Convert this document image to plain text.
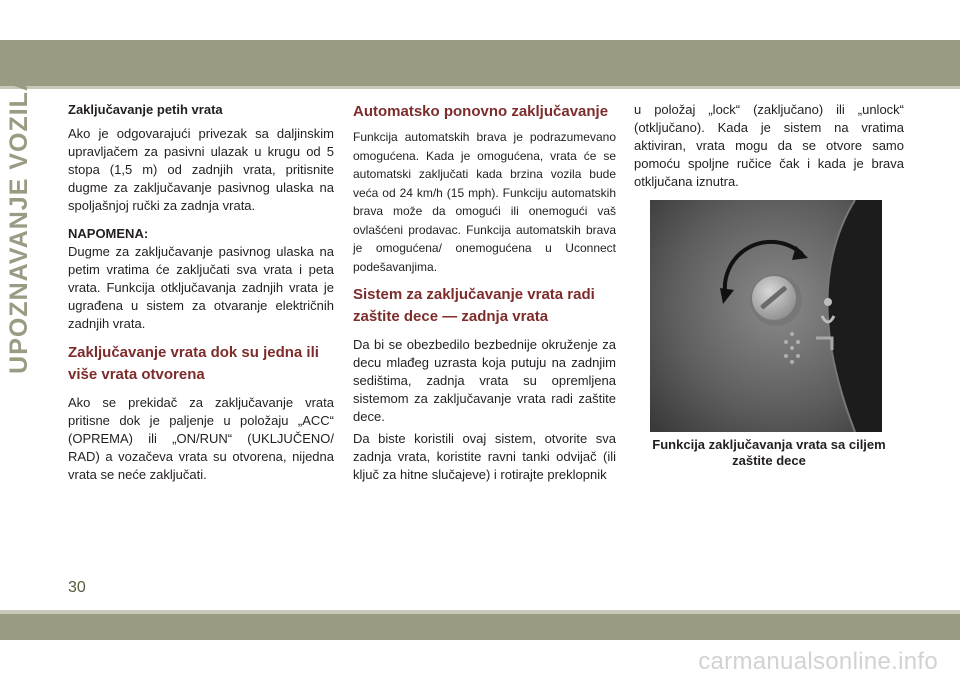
UPOZNAVANJE VOZILA	Zaključavanje petih vrata

Ako je odgovarajući privezak sa daljinskim upravljačem za pasivni ulazak u krugu od 5 stopa (1,5 m) od zadnjih vrata, pritisnite dugme za zaključavanje pasivnog ulaska na spoljašnjoj ručki za zadnja vrata.

NAPOMENA:

Dugme za zaključavanje pasivnog ulaska na petim vratima će zaključati sva vrata i peta vrata. Funkcija otključavanja zadnjih vrata je ugrađena u sistem za otvaranje električnih zadnjih vrata.

Zaključavanje vrata dok su jedna ili više vrata otvorena

Ako se prekidač za zaključavanje vrata pritisne dok je paljenje u položaju „ACC“ (OPREMA) ili „ON/RUN“ (UKLJUČENO/ RAD) a vozačeva vrata su otvorena, nijedna vrata se neće zaključati.

Automatsko ponovno zaključavanje

Funkcija automatskih brava je podrazumevano omogućena. Kada je omogućena, vrata će se automatski zaključati kada brzina vozila bude veća od 24 km/h (15 mph). Funkciju automatskih brava može da omogući ili onemogući vaš ovlašćeni prodavac. Funkcija automatskih brava je omogućena/ onemogućena u Uconnect podešavanjima.

Sistem za zaključavanje vrata radi zaštite dece — zadnja vrata

Da bi se obezbedilo bezbednije okruženje za decu mlađeg uzrasta koja putuju na zadnjim sedištima, zadnja vrata su opremljena sistemom za zaključavanje vrata radi zaštite dece.

Da biste koristili ovaj sistem, otvorite sva zadnja vrata, koristite ravni tanki odvijač (ili ključ za hitne slučajeve) i rotirajte preklopnik

u položaj „lock“ (zaključano) ili „unlock“ (otključano). Kada je sistem na vratima aktiviran, vrata mogu da se otvore samo pomoću spoljne ručice čak i kada je brava otključana iznutra.

Funkcija zaključavanja vrata sa ciljem zaštite dece

30
carmanualsonline.info
